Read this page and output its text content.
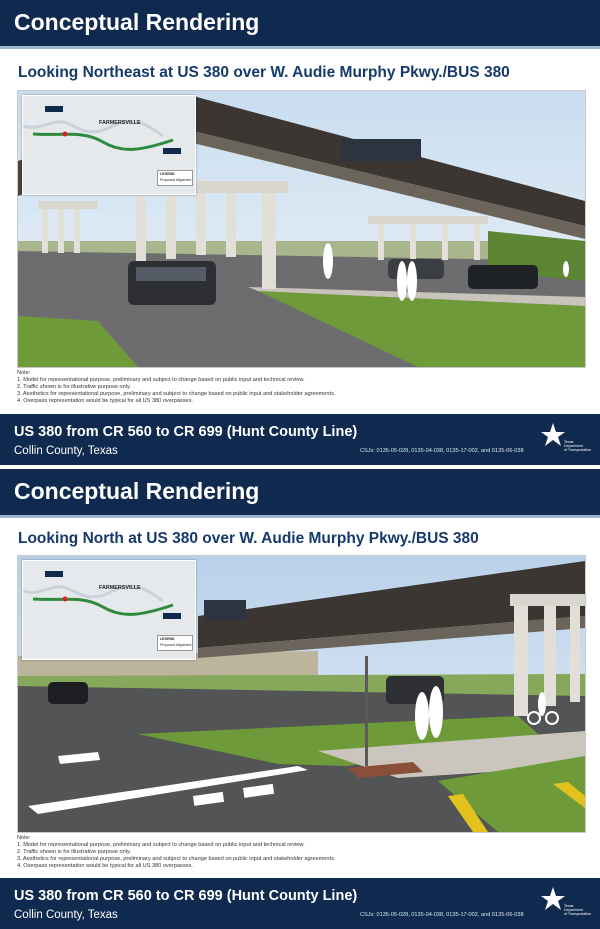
Conceptual Rendering
Looking Northeast at US 380 over W. Audie Murphy Pkwy./BUS 380
FARMERSVILLE
LEGEND
Proposed Alignment
Note:
1. Model for representational purpose, preliminary and subject to change based on public input and technical review.
2. Traffic shown is for illustrative purpose only.
3. Aesthetics for representational purpose, preliminary and subject to change based on public input and stakeholder agreements.
4. Overpass representation would be typical for all US 380 overpasses.
US 380 from CR 560 to CR 699 (Hunt County Line)
Collin County, Texas	CSJs: 0135-05-028, 0135-04-038, 0135-17-002, and 0135-06-038
Texas
Department
of Transportation
Conceptual Rendering
Looking North at US 380 over W. Audie Murphy Pkwy./BUS 380
FARMERSVILLE
LEGEND
Proposed Alignment
Note:
1. Model for representational purpose, preliminary and subject to change based on public input and technical review.
2. Traffic shown is for illustrative purpose only.
3. Aesthetics for representational purpose, preliminary and subject to change based on public input and stakeholder agreements.
4. Overpass representation would be typical for all US 380 overpasses.
US 380 from CR 560 to CR 699 (Hunt County Line)
Collin County, Texas	CSJs: 0135-05-028, 0135-04-038, 0135-17-002, and 0135-06-038
Texas
Department
of Transportation
